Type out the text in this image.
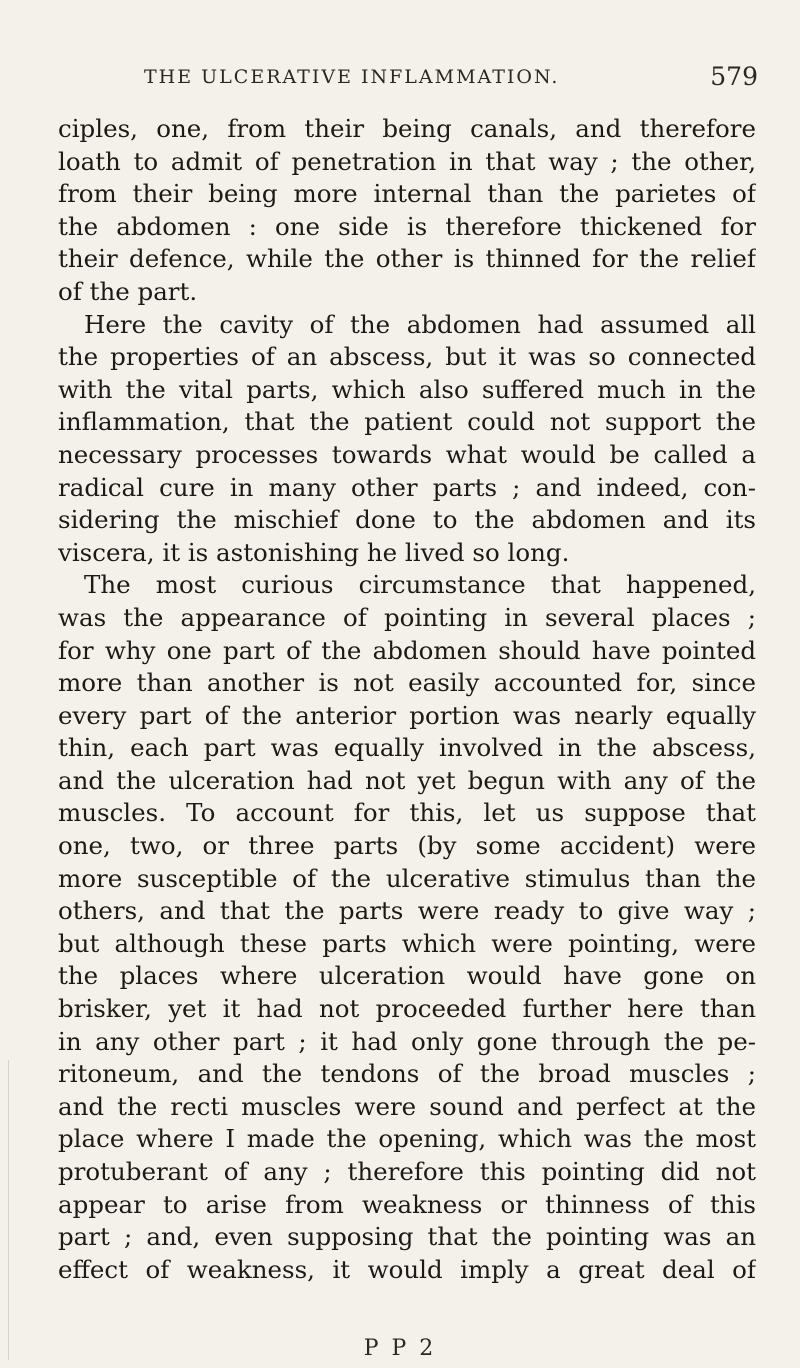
THE ULCERATIVE INFLAMMATION.	579
ciples, one, from their being canals, and therefore
loath to admit of penetration in that way ; the other,
from their being more internal than the parietes of
the abdomen : one side is therefore thickened for
their defence, while the other is thinned for the relief
of the part.
Here the cavity of the abdomen had assumed all
the properties of an abscess, but it was so connected
with the vital parts, which also suffered much in the
inflammation, that the patient could not support the
necessary processes towards what would be called a
radical cure in many other parts ; and indeed, con-
sidering the mischief done to the abdomen and its
viscera, it is astonishing he lived so long.
The most curious circumstance that happened,
was the appearance of pointing in several places ;
for why one part of the abdomen should have pointed
more than another is not easily accounted for, since
every part of the anterior portion was nearly equally
thin, each part was equally involved in the abscess,
and the ulceration had not yet begun with any of the
muscles. To account for this, let us suppose that
one, two, or three parts (by some accident) were
more susceptible of the ulcerative stimulus than the
others, and that the parts were ready to give way ;
but although these parts which were pointing, were
the places where ulceration would have gone on
brisker, yet it had not proceeded further here than
in any other part ; it had only gone through the pe-
ritoneum, and the tendons of the broad muscles ;
and the recti muscles were sound and perfect at the
place where I made the opening, which was the most
protuberant of any ; therefore this pointing did not
appear to arise from weakness or thinness of this
part ; and, even supposing that the pointing was an
effect of weakness, it would imply a great deal of
P P 2
